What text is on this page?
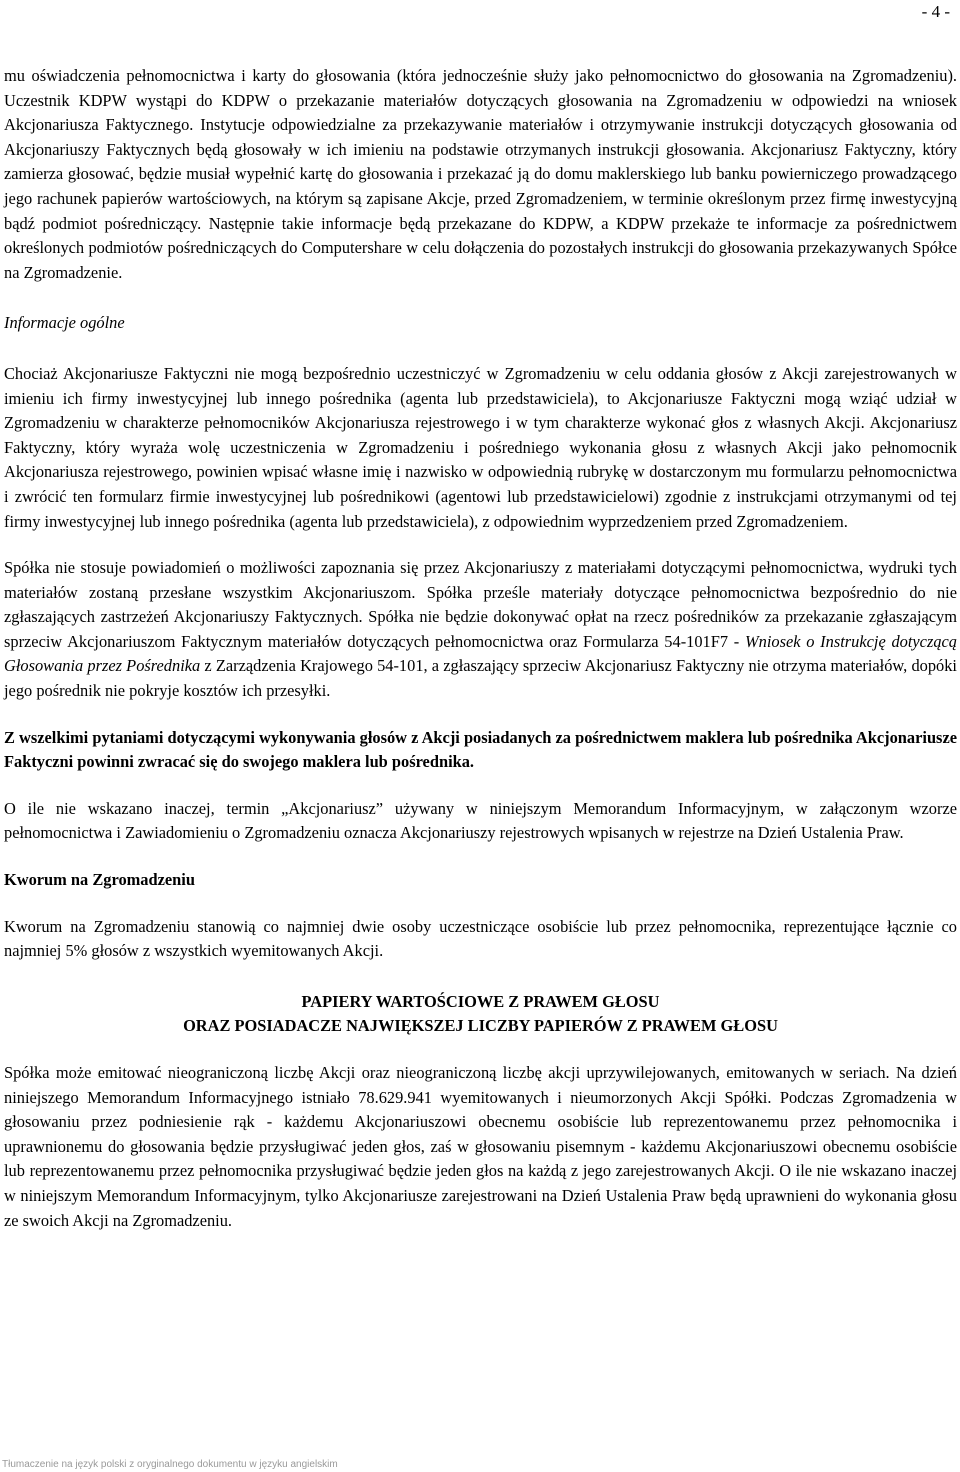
- 4 -

mu oświadczenia pełnomocnictwa i karty do głosowania (która jednocześnie służy jako pełnomocnictwo do głosowania na Zgromadzeniu). Uczestnik KDPW wystąpi do KDPW o przekazanie materiałów dotyczących głosowania na Zgromadzeniu w odpowiedzi na wniosek Akcjonariusza Faktycznego. Instytucje odpowiedzialne za przekazywanie materiałów i otrzymywanie instrukcji dotyczących głosowania od Akcjonariuszy Faktycznych będą głosowały w ich imieniu na podstawie otrzymanych instrukcji głosowania. Akcjonariusz Faktyczny, który zamierza głosować, będzie musiał wypełnić kartę do głosowania i przekazać ją do domu maklerskiego lub banku powierniczego prowadzącego jego rachunek papierów wartościowych, na którym są zapisane Akcje, przed Zgromadzeniem, w terminie określonym przez firmę inwestycyjną bądź podmiot pośredniczący. Następnie takie informacje będą przekazane do KDPW, a KDPW przekaże te informacje za pośrednictwem określonych podmiotów pośredniczących do Computershare w celu dołączenia do pozostałych instrukcji do głosowania przekazywanych Spółce na Zgromadzenie.

Informacje ogólne

Chociaż Akcjonariusze Faktyczni nie mogą bezpośrednio uczestniczyć w Zgromadzeniu w celu oddania głosów z Akcji zarejestrowanych w imieniu ich firmy inwestycyjnej lub innego pośrednika (agenta lub przedstawiciela), to Akcjonariusze Faktyczni mogą wziąć udział w Zgromadzeniu w charakterze pełnomocników Akcjonariusza rejestrowego i w tym charakterze wykonać głos z własnych Akcji. Akcjonariusz Faktyczny, który wyraża wolę uczestniczenia w Zgromadzeniu i pośredniego wykonania głosu z własnych Akcji jako pełnomocnik Akcjonariusza rejestrowego, powinien wpisać własne imię i nazwisko w odpowiednią rubrykę w dostarczonym mu formularzu pełnomocnictwa i zwrócić ten formularz firmie inwestycyjnej lub pośrednikowi (agentowi lub przedstawicielowi) zgodnie z instrukcjami otrzymanymi od tej firmy inwestycyjnej lub innego pośrednika (agenta lub przedstawiciela), z odpowiednim wyprzedzeniem przed Zgromadzeniem.

Spółka nie stosuje powiadomień o możliwości zapoznania się przez Akcjonariuszy z materiałami dotyczącymi pełnomocnictwa, wydruki tych materiałów zostaną przesłane wszystkim Akcjonariuszom. Spółka prześle materiały dotyczące pełnomocnictwa bezpośrednio do nie zgłaszających zastrzeżeń Akcjonariuszy Faktycznych. Spółka nie będzie dokonywać opłat na rzecz pośredników za przekazanie zgłaszającym sprzeciw Akcjonariuszom Faktycznym materiałów dotyczących pełnomocnictwa oraz Formularza 54-101F7 - Wniosek o Instrukcję dotyczącą Głosowania przez Pośrednika z Zarządzenia Krajowego 54-101, a zgłaszający sprzeciw Akcjonariusz Faktyczny nie otrzyma materiałów, dopóki jego pośrednik nie pokryje kosztów ich przesyłki.

Z wszelkimi pytaniami dotyczącymi wykonywania głosów z Akcji posiadanych za pośrednictwem maklera lub pośrednika Akcjonariusze Faktyczni powinni zwracać się do swojego maklera lub pośrednika.

O ile nie wskazano inaczej, termin „Akcjonariusz” używany w niniejszym Memorandum Informacyjnym, w załączonym wzorze pełnomocnictwa i Zawiadomieniu o Zgromadzeniu oznacza Akcjonariuszy rejestrowych wpisanych w rejestrze na Dzień Ustalenia Praw.

Kworum na Zgromadzeniu

Kworum na Zgromadzeniu stanowią co najmniej dwie osoby uczestniczące osobiście lub przez pełnomocnika, reprezentujące łącznie co najmniej 5% głosów z wszystkich wyemitowanych Akcji.

PAPIERY WARTOŚCIOWE Z PRAWEM GŁOSU

ORAZ POSIADACZE NAJWIĘKSZEJ LICZBY PAPIERÓW Z PRAWEM GŁOSU

Spółka może emitować nieograniczoną liczbę Akcji oraz nieograniczoną liczbę akcji uprzywilejowanych, emitowanych w seriach. Na dzień niniejszego Memorandum Informacyjnego istniało 78.629.941 wyemitowanych i nieumorzonych Akcji Spółki. Podczas Zgromadzenia w głosowaniu przez podniesienie rąk - każdemu Akcjonariuszowi obecnemu osobiście lub reprezentowanemu przez pełnomocnika i uprawnionemu do głosowania będzie przysługiwać jeden głos, zaś w głosowaniu pisemnym - każdemu Akcjonariuszowi obecnemu osobiście lub reprezentowanemu przez pełnomocnika przysługiwać będzie jeden głos na każdą z jego zarejestrowanych Akcji. O ile nie wskazano inaczej w niniejszym Memorandum Informacyjnym, tylko Akcjonariusze zarejestrowani na Dzień Ustalenia Praw będą uprawnieni do wykonania głosu ze swoich Akcji na Zgromadzeniu.

Tłumaczenie na język polski z oryginalnego dokumentu w języku angielskim
